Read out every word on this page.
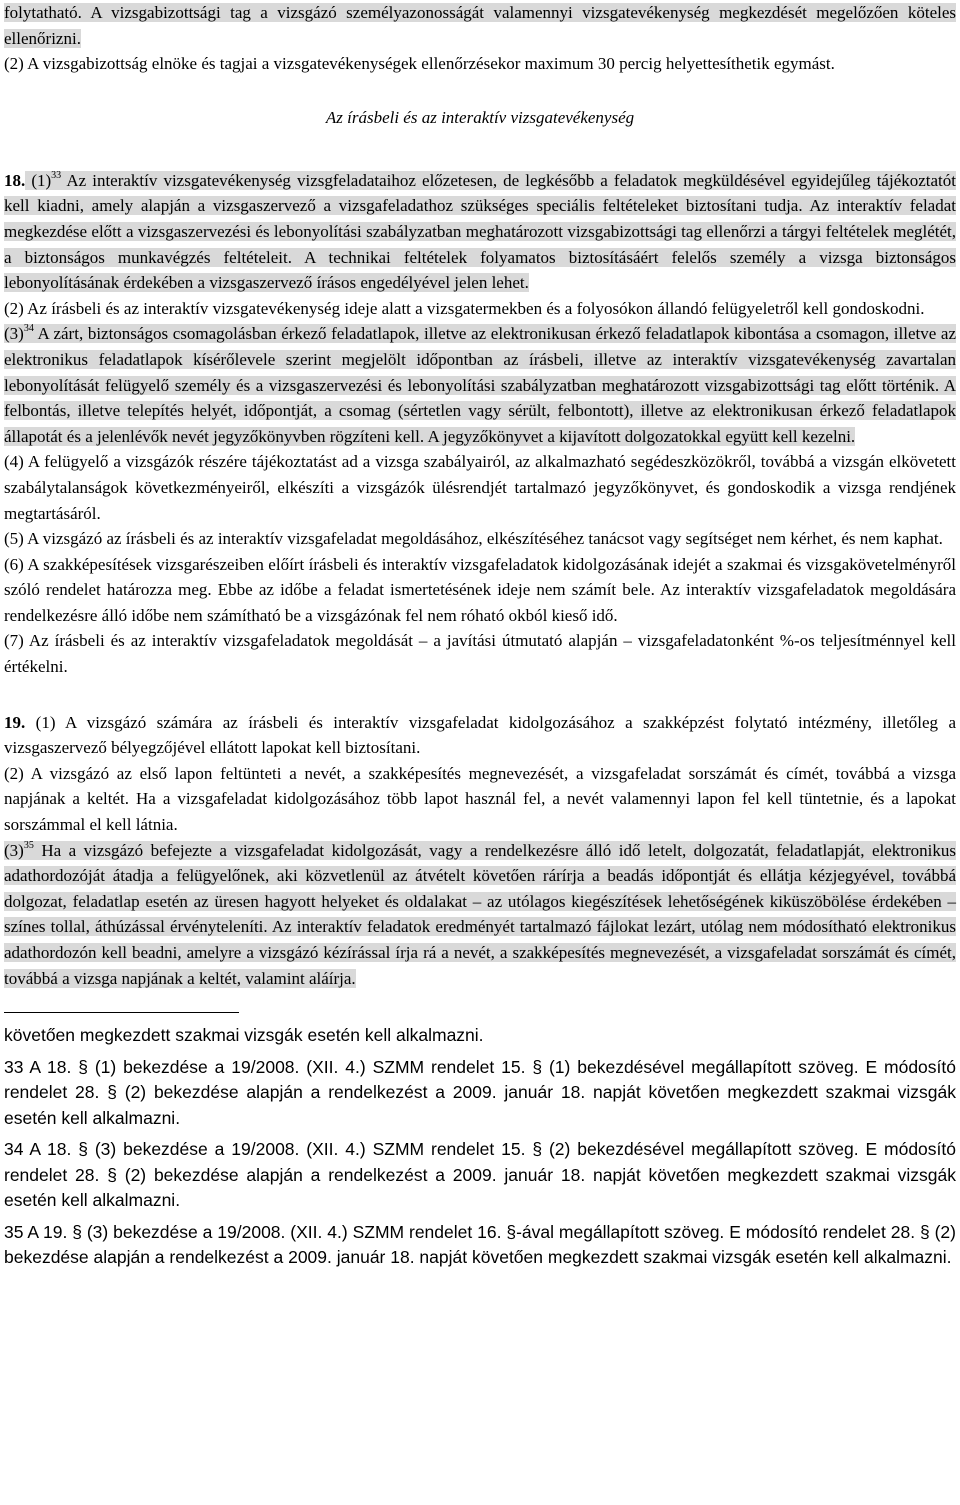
folytatható. A vizsgabizottsági tag a vizsgázó személyazonosságát valamennyi vizsgatevékenység megkezdését megelőzően köteles ellenőrizni.

(2) A vizsgabizottság elnöke és tagjai a vizsgatevékenységek ellenőrzésekor maximum 30 percig helyettesíthetik egymást.

Az írásbeli és az interaktív vizsgatevékenység

18. $(1)^{33}$ Az interaktív vizsgatevékenység vizsgfeladataihoz előzetesen, de legkésőbb a feladatok megküldésével egyidejűleg tájékoztatót kell kiadni, amely alapján a vizsgaszervező a vizsgafeladathoz szükséges speciális feltételeket biztosítani tudja. Az interaktív feladat megkezdése előtt a vizsgaszervezési és lebonyolítási szabályzatban meghatározott vizsgabizottsági tag ellenőrzi a tárgyi feltételek meglétét, a biztonságos munkavégzés feltételeit. A technikai feltételek folyamatos biztosításáért felelős személy a vizsga biztonságos lebonyolításának érdekében a vizsgaszervező írásos engedélyével jelen lehet.

(2) Az írásbeli és az interaktív vizsgatevékenység ideje alatt a vizsgatermekben és a folyosókon állandó felügyeletről kell gondoskodni.

$(3)^{34}$ A zárt, biztonságos csomagolásban érkező feladatlapok, illetve az elektronikusan érkező feladatlapok kibontása a csomagon, illetve az elektronikus feladatlapok kísérőlevele szerint megjelölt időpontban az írásbeli, illetve az interaktív vizsgatevékenység zavartalan lebonyolítását felügyelő személy és a vizsgaszervezési és lebonyolítási szabályzatban meghatározott vizsgabizottsági tag előtt történik. A felbontás, illetve telepítés helyét, időpontját, a csomag (sértetlen vagy sérült, felbontott), illetve az elektronikusan érkező feladatlapok állapotát és a jelenlévők nevét jegyzőkönyvben rögzíteni kell. A jegyzőkönyvet a kijavított dolgozatokkal együtt kell kezelni.

(4) A felügyelő a vizsgázók részére tájékoztatást ad a vizsga szabályairól, az alkalmazható segédeszközökről, továbbá a vizsgán elkövetett szabálytalanságok következményeiről, elkészíti a vizsgázók ülésrendjét tartalmazó jegyzőkönyvet, és gondoskodik a vizsga rendjének megtartásáról.

(5) A vizsgázó az írásbeli és az interaktív vizsgafeladat megoldásához, elkészítéséhez tanácsot vagy segítséget nem kérhet, és nem kaphat.

(6) A szakképesítések vizsgarészeiben előírt írásbeli és interaktív vizsgafeladatok kidolgozásának idejét a szakmai és vizsgakövetelményről szóló rendelet határozza meg. Ebbe az időbe a feladat ismertetésének ideje nem számít bele. Az interaktív vizsgafeladatok megoldására rendelkezésre álló időbe nem számítható be a vizsgázónak fel nem róható okból kieső idő.

(7) Az írásbeli és az interaktív vizsgafeladatok megoldását – a javítási útmutató alapján – vizsgafeladatonként %-os teljesítménnyel kell értékelni.

19. (1) A vizsgázó számára az írásbeli és interaktív vizsgafeladat kidolgozásához a szakképzést folytató intézmény, illetőleg a vizsgaszervező bélyegzőjével ellátott lapokat kell biztosítani.

(2) A vizsgázó az első lapon feltünteti a nevét, a szakképesítés megnevezését, a vizsgafeladat sorszámát és címét, továbbá a vizsga napjának a keltét. Ha a vizsgafeladat kidolgozásához több lapot használ fel, a nevét valamennyi lapon fel kell tüntetnie, és a lapokat sorszámmal el kell látnia.

$(3)^{35}$ Ha a vizsgázó befejezte a vizsgafeladat kidolgozását, vagy a rendelkezésre álló idő letelt, dolgozatát, feladatlapját, elektronikus adathordozóját átadja a felügyelőnek, aki közvetlenül az átvételt követően rárírja a beadás időpontját és ellátja kézjegyével, továbbá dolgozat, feladatlap esetén az üresen hagyott helyeket és oldalakat – az utólagos kiegészítések lehetőségének kiküszöbölése érdekében – színes tollal, áthúzással érvényteleníti. Az interaktív feladatok eredményét tartalmazó fájlokat lezárt, utólag nem módosítható elektronikus adathordozón kell beadni, amelyre a vizsgázó kézírással írja rá a nevét, a szakképesítés megnevezését, a vizsgafeladat sorszámát és címét, továbbá a vizsga napjának a keltét, valamint aláírja.

követően megkezdett szakmai vizsgák esetén kell alkalmazni.

33 A 18. § (1) bekezdése a 19/2008. (XII. 4.) SZMM rendelet 15. § (1) bekezdésével megállapított szöveg. E módosító rendelet 28. § (2) bekezdése alapján a rendelkezést a 2009. január 18. napját követően megkezdett szakmai vizsgák esetén kell alkalmazni.

34 A 18. § (3) bekezdése a 19/2008. (XII. 4.) SZMM rendelet 15. § (2) bekezdésével megállapított szöveg. E módosító rendelet 28. § (2) bekezdése alapján a rendelkezést a 2009. január 18. napját követően megkezdett szakmai vizsgák esetén kell alkalmazni.

35 A 19. § (3) bekezdése a 19/2008. (XII. 4.) SZMM rendelet 16. §-ával megállapított szöveg. E módosító rendelet 28. § (2) bekezdése alapján a rendelkezést a 2009. január 18. napját követően megkezdett szakmai vizsgák esetén kell alkalmazni.
